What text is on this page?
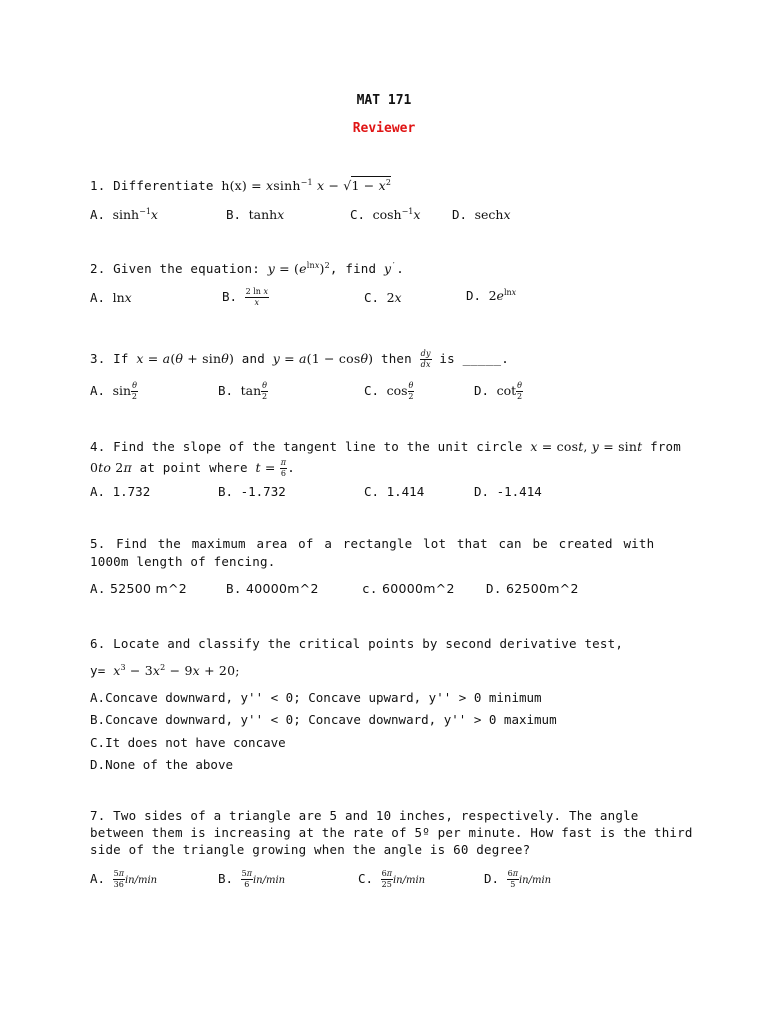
MAT 171
Reviewer
1. Differentiate h(x) = xsinh$^{-1}$ $x - √1 - x^2$
A. $\sinh^{-1}x$	B. tanhx	C. $\cosh^{-1}x$	D. sechx
2. Given the equation: $y = (e^{lnx})^2$, find y′.
A. lnx	B. $\frac{\text{2 ln x}}{x}$	C. 2x	D. $2e^{lnx}$
3. If x = a(θ + sinθ) and y = a(1 − cosθ) then $\frac{dy}{dx}$ is _____.
A. $\sin \frac{\theta}{2}$	B. $\tan \frac{\theta}{2}$	C. $\cos \frac{\theta}{2}$	D. $\cot \frac{\theta}{2}$
4. Find the slope of the tangent line to the unit circle x = cost, y = sint from
0to 2π at point where $t = \frac{\pi}{6}$ .
A. 1.732	B. -1.732	C. 1.414	D. -1.414
5. Find the maximum area of a rectangle lot that can be created with
1000m length of fencing.
A. 52500 m^2	B. 40000m^2	c. 60000m^2	D. 62500m^2
6. Locate and classify the critical points by second derivative test,
$y= x^3 - 3x^2 - 9x + 20$;
A.Concave downward, y'' < 0; Concave upward, y'' > 0 minimum
B.Concave downward, y'' < 0; Concave downward, y'' > 0 maximum
C.It does not have concave
D.None of the above
7. Two sides of a triangle are 5 and 10 inches, respectively. The angle
between them is increasing at the rate of 5º per minute. How fast is the third
side of the triangle growing when the angle is 60 degree?
A. $\frac{5\pi}{36} in/\min$	B. $\frac{5\pi}{6} in/\min$	C. $\frac{6\pi}{25} in/\min$	D. $\frac{6\pi}{5} in/\min$
